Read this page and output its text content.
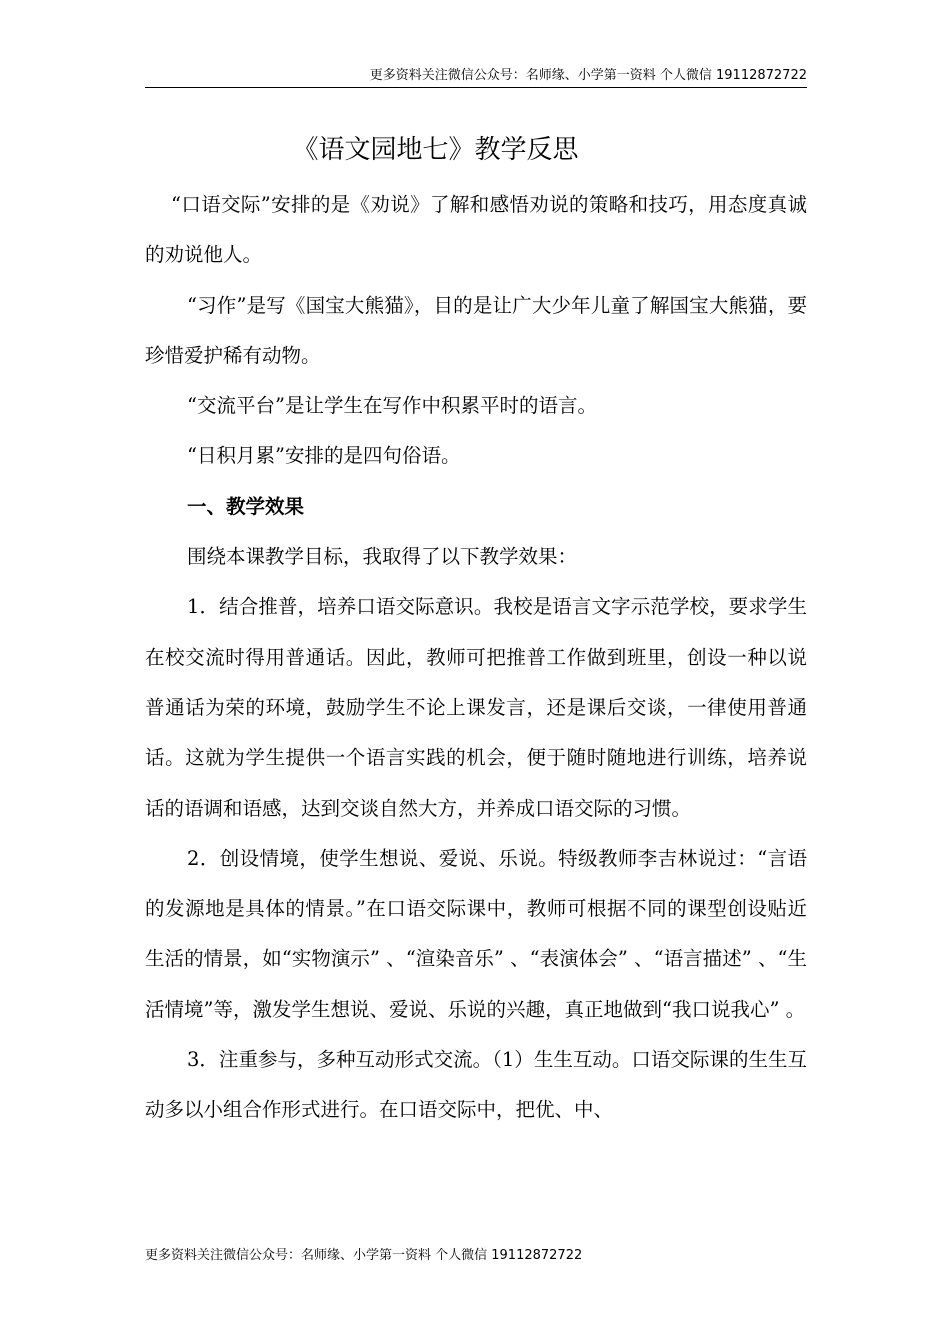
更多资料关注微信公众号：名师缘、小学第一资料 个人微信 19112872722
《语文园地七》教学反思

“口语交际”安排的是《劝说》了解和感悟劝说的策略和技巧，用态度真诚的劝说他人。

“习作”是写《国宝大熊猫》，目的是让广大少年儿童了解国宝大熊猫，要珍惜爱护稀有动物。

“交流平台”是让学生在写作中积累平时的语言。

“日积月累”安排的是四句俗语。

一、教学效果

围绕本课教学目标，我取得了以下教学效果：

1．结合推普，培养口语交际意识。我校是语言文字示范学校，要求学生在校交流时得用普通话。因此，教师可把推普工作做到班里，创设一种以说普通话为荣的环境，鼓励学生不论上课发言，还是课后交谈，一律使用普通话。这就为学生提供一个语言实践的机会，便于随时随地进行训练，培养说话的语调和语感，达到交谈自然大方，并养成口语交际的习惯。

2．创设情境，使学生想说、爱说、乐说。特级教师李吉林说过：“言语的发源地是具体的情景。”在口语交际课中，教师可根据不同的课型创设贴近生活的情景，如“实物演示” 、“渲染音乐” 、“表演体会” 、“语言描述” 、“生活情境”等，激发学生想说、爱说、乐说的兴趣，真正地做到“我口说我心” 。

3．注重参与，多种互动形式交流。（1）生生互动。口语交际课的生生互动多以小组合作形式进行。在口语交际中，把优、中、

更多资料关注微信公众号：名师缘、小学第一资料 个人微信 19112872722
